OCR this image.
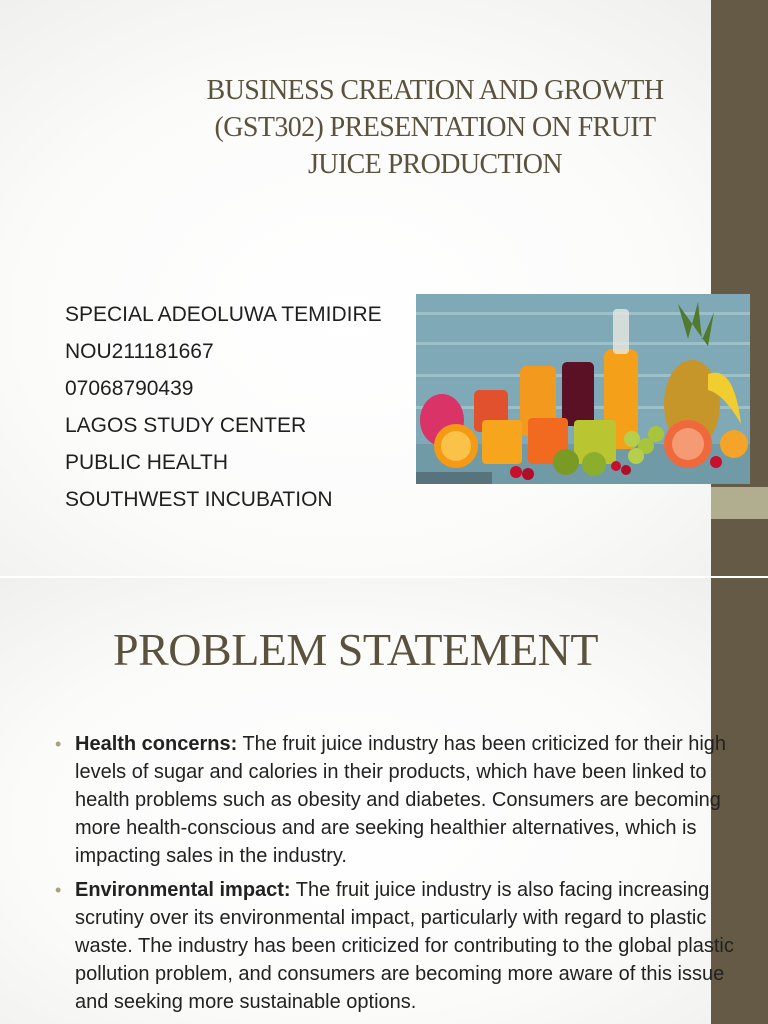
BUSINESS CREATION AND GROWTH (GST302) PRESENTATION ON FRUIT JUICE PRODUCTION
SPECIAL ADEOLUWA TEMIDIRE
NOU211181667
07068790439
LAGOS STUDY CENTER
PUBLIC HEALTH
SOUTHWEST INCUBATION
PROBLEM STATEMENT
• Health concerns: The fruit juice industry has been criticized for their high levels of sugar and calories in their products, which have been linked to health problems such as obesity and diabetes. Consumers are becoming more health-conscious and are seeking healthier alternatives, which is impacting sales in the industry.
• Environmental impact: The fruit juice industry is also facing increasing scrutiny over its environmental impact, particularly with regard to plastic waste. The industry has been criticized for contributing to the global plastic pollution problem, and consumers are becoming more aware of this issue and seeking more sustainable options.
